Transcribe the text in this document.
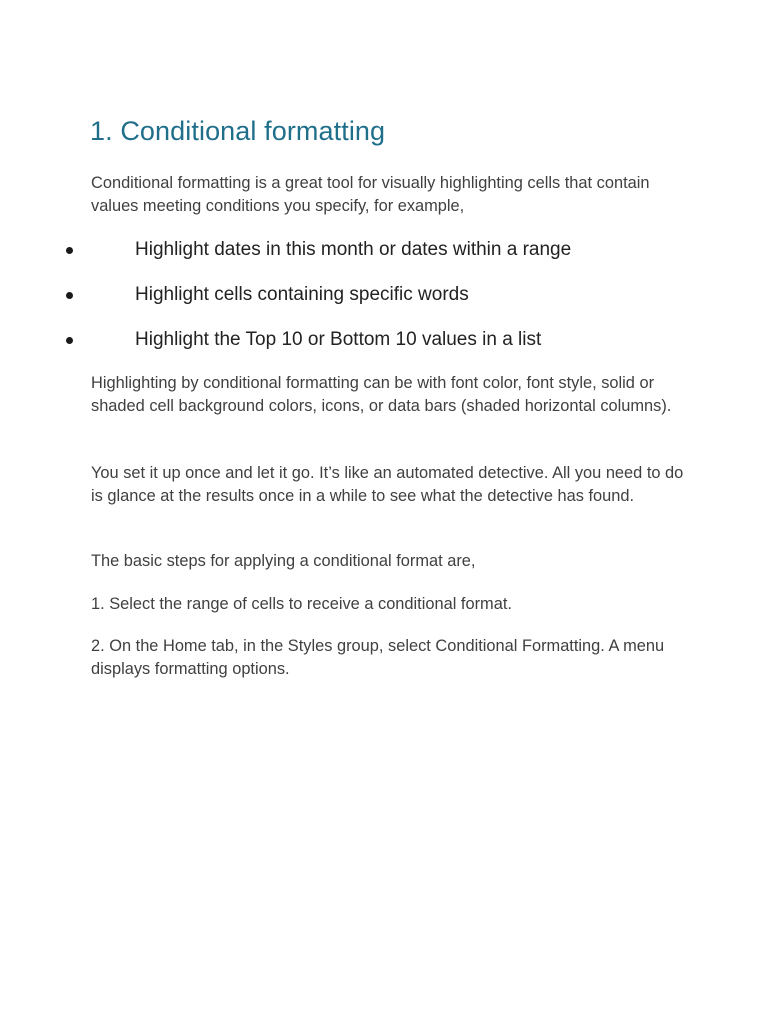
1. Conditional formatting

Conditional formatting is a great tool for visually highlighting cells that contain values meeting conditions you specify, for example,

Highlight dates in this month or dates within a range
Highlight cells containing specific words
Highlight the Top 10 or Bottom 10 values in a list

Highlighting by conditional formatting can be with font color, font style, solid or shaded cell background colors, icons, or data bars (shaded horizontal columns).

You set it up once and let it go. It’s like an automated detective. All you need to do is glance at the results once in a while to see what the detective has found.

The basic steps for applying a conditional format are,

1. Select the range of cells to receive a conditional format.

2. On the Home tab, in the Styles group, select Conditional Formatting. A menu displays formatting options.
